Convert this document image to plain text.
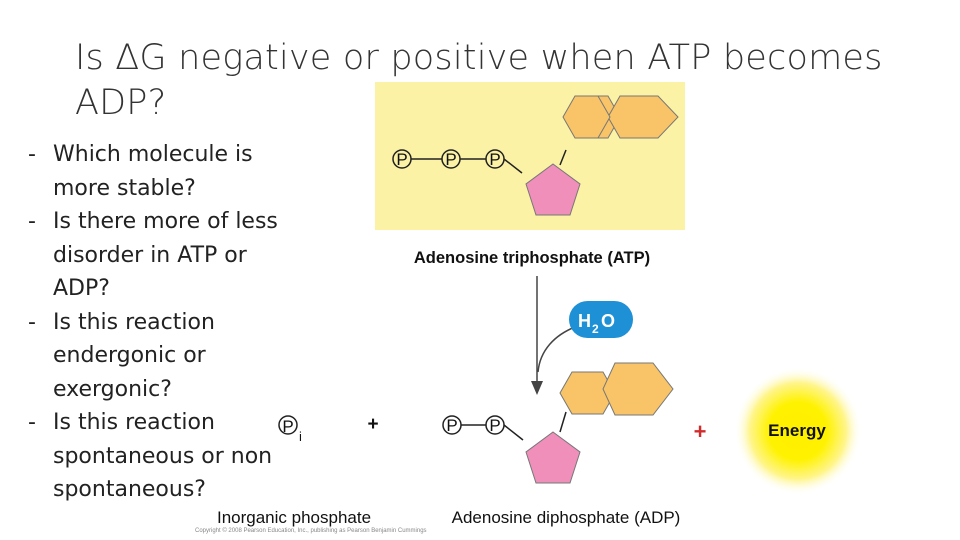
Is ΔG negative or positive when ATP becomes ADP?
- Which molecule is more stable?
- Is there more of less disorder in ATP or ADP?
- Is this reaction endergonic or exergonic?
- Is this reaction spontaneous or non spontaneous?
P P P
Adenosine triphosphate (ATP)
H 2 O
Energy
P
i
+	P P	+
Inorganic phosphate	Adenosine diphosphate (ADP)
Copyright © 2008 Pearson Education, Inc., publishing as Pearson Benjamin Cummings
